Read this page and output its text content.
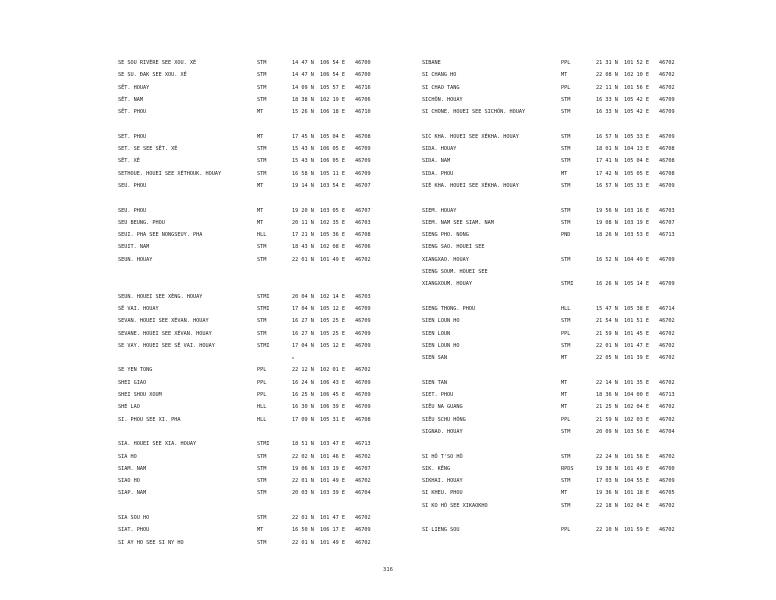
SE SOU RIVÈRE SEE XOU. XÉ	STM	14 47 N 106 54 E 46700
SE SU. ĐAK SEE XOU. XÉ	STM	14 47 N 106 54 E 46700
SĚT. HOUAY	STM	14 09 N 105 57 E 46716
SĚT. NAM	STM	18 38 N 102 19 E 46706
SĚT. PHOU	MT	15 26 N 106 18 E 46710
SET. PHOU	MT	17 45 N 105 04 E 46708
SET. SE SEE SĚT. XÉ	STM	15 43 N 106 05 E 46709
SĚT. XÉ	STM	15 43 N 106 05 E 46709
SETHOUE. HOUEI SEE XÉTHOUK. HOUAY	STM	16 58 N 105 11 E 46709
SEU. PHOU	MT	19 14 N 103 54 E 46707
SEU. PHOU	MT	19 20 N 103 05 E 46707
SEU BEUNG. PHOU	MT	20 11 N 102 35 E 46703
SEUI. PHA SEE NONGSEUY. PHA	HLL	17 21 N 105 36 E 46708
SEUIT. NAM	STM	18 43 N 102 08 E 46706
SEUN. HOUAY	STM	22 01 N 101 49 E 46702
SEUN. HOUEI SEE XÈNG. HOUAY	STMI	20 04 N 102 14 E 46703
SĚ VAI. HOUAY	STMI	17 04 N 105 12 E 46709
SEVAN. HOUEI SEE XÉVAN. HOUAY	STM	16 27 N 105 25 E 46709
SEVANE. HOUEI SEE XÉVAN. HOUAY	STM	16 27 N 105 25 E 46709
SE VAY. HOUEI SEE SĚ VAI. HOUAY	STMI	17 04 N 105 12 E 46709
SE YEN TONG	PPL	22 12 N 102 01 E 46702
SHEI GIAO	PPL	16 24 N 106 43 E 46709
SHEI SHOU XOUM	PPL	16 25 N 106 45 E 46709
SHE LAO	HLL	16 30 N 106 39 E 46709
SI. PHOU SEE XI. PHA	HLL	17 09 N 105 31 E 46708
SIA. HOUEI SEE XIA. HOUAY	STMI	18 51 N 103 47 E 46713
SIA HO	STM	22 02 N 101 46 E 46702
SIAM. NAM	STM	19 06 N 103 19 E 46707
SIAO HO	STM	22 01 N 101 49 E 46702
SIAP. NAM	STM	20 03 N 103 39 E 46704
SIA SOU HO	STM	22 01 N 101 47 E 46702
SIAT. PHOU	MT	16 50 N 106 17 E 46709
SI AY HO SEE SI NY HO	STM	22 01 N 101 49 E 46702
SIBANE	PPL	21 31 N 101 52 E 46702
SI CHANG HO	MT	22 08 N 102 10 E 46702
SI CHAO TANG	PPL	22 11 N 101 56 E 46702
SICHŎN. HOUAY	STM	16 33 N 105 42 E 46709
SI CHONE. HOUEI SEE SICHŎN. HOUAY	STM	16 33 N 105 42 E 46709
SIC KHA. HOUEI SEE XÉKHA. HOUAY	STM	16 57 N 105 33 E 46709
SIDA. HOUAY	STM	18 01 N 104 13 E 46708
SIDA. NAM	STM	17 41 N 105 04 E 46708
SIDA. PHOU	MT	17 42 N 105 05 E 46708
SIÉ KHA. HOUEI SEE XÉKHA. HOUAY	STM	16 57 N 105 33 E 46709
SIEM. HOUAY	STM	19 56 N 103 16 E 46703
SIEM. NAM SEE SIAM. NAM	STM	19 08 N 103 19 E 46707
SIENG PHO. NONG	PND	18 26 N 103 53 E 46713
SIENG SAO. HOUEI SEE
XIANGXAO. HOUAY	STM	16 52 N 104 49 E 46709
SIENG SOUM. HOUEI SEE
XIANGXOUM. HOUAY	STMI	16 26 N 105 14 E 46709
SIENG THONG. PHOU	HLL	15 47 N 105 38 E 46714
SIEN LOUN HO	STM	21 54 N 101 51 E 46702
SIEN LOUN	PPL	21 59 N 101 45 E 46702
SIEN LOUN HO	STM	22 01 N 101 47 E 46702
SIEN SAN	MT	22 05 N 101 39 E 46702
SIEN TAN	MT	22 14 N 101 35 E 46702
SIET. PHOU	MT	18 36 N 104 00 E 46713
SIÊU NA GUANG	MT	21 25 N 102 04 E 46702
SIÊU SCHU HŎNG	PPL	21 59 N 102 03 E 46702
SIGNAO. HOUAY	STM	20 09 N 103 56 E 46704
SI HŎ T'SO HŎ	STM	22 24 N 101 56 E 46702
SIK. KÊNG	RPDS	19 38 N 101 49 E 46700
SIKHAI. HOUAY	STM	17 03 N 104 55 E 46709
SI KHEU. PHOU	MT	19 36 N 101 18 E 46705
SI KO HŎ SEE XIKAOKHO	STM	22 18 N 102 04 E 46702
SI LIENG SOU	PPL	22 10 N 101 59 E 46702
316
